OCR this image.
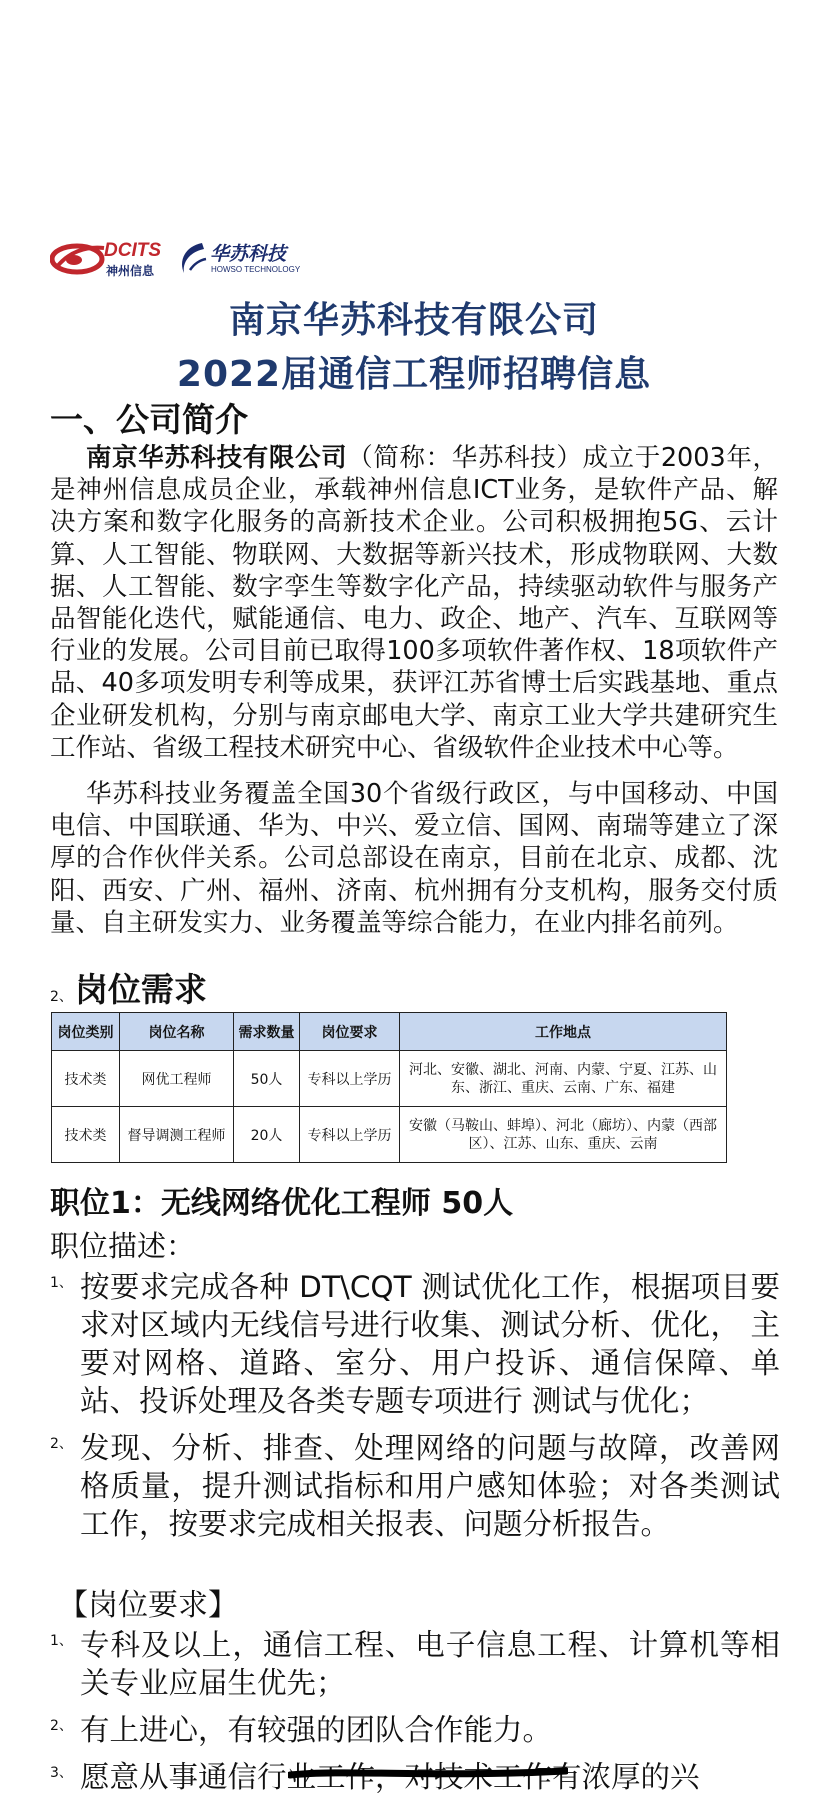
DCITS
神州信息
华苏科技
HOWSO TECHNOLOGY
南京华苏科技有限公司
2022届通信工程师招聘信息
一、公司简介
南京华苏科技有限公司（简称：华苏科技）成立于2003年， 是神州信息成员企业，承载神州信息ICT业务，是软件产品、解决方案和数字化服务的高新技术企业。公司积极拥抱5G、云计算、人工智能、物联网、大数据等新兴技术，形成物联网、大数据、人工智能、数字孪生等数字化产品，持续驱动软件与服务产品智能化迭代，赋能通信、电力、政企、地产、汽车、互联网等行业的发展。公司目前已取得100多项软件著作权、18项软件产品、40多项发明专利等成果，获评江苏省博士后实践基地、重点企业研发机构，分别与南京邮电大学、南京工业大学共建研究生工作站、省级工程技术研究中心、省级软件企业技术中心等。
华苏科技业务覆盖全国30个省级行政区，与中国移动、中国电信、中国联通、华为、中兴、爱立信、国网、南瑞等建立了深厚的合作伙伴关系。公司总部设在南京，目前在北京、成都、沈阳、西安、广州、福州、济南、杭州拥有分支机构，服务交付质量、自主研发实力、业务覆盖等综合能力，在业内排名前列。
2、岗位需求
岗位类别	岗位名称	需求数量	岗位要求	工作地点
技术类	网优工程师	50人	专科以上学历	河北、安徽、湖北、河南、内蒙、宁夏、江苏、山东、浙江、重庆、云南、广东、福建
技术类	督导调测工程师	20人	专科以上学历	安徽（马鞍山、蚌埠）、河北（廊坊）、内蒙（西部区）、江苏、山东、重庆、云南
职位1：无线网络优化工程师 50人
职位描述：
1、 按要求完成各种 DT\CQT 测试优化工作，根据项目要求对区域内无线信号进行收集、测试分析、优化， 主要对网格、道路、室分、用户投诉、通信保障、单站、投诉处理及各类专题专项进行 测试与优化；
2、 发现、分析、排查、处理网络的问题与故障，改善网格质量，提升测试指标和用户感知体验；对各类测试工作，按要求完成相关报表、问题分析报告。
【岗位要求】
1、 专科及以上，通信工程、电子信息工程、计算机等相关专业应届生优先；
2、 有上进心，有较强的团队合作能力。
3、 愿意从事通信行业工作，对技术工作有浓厚的兴
